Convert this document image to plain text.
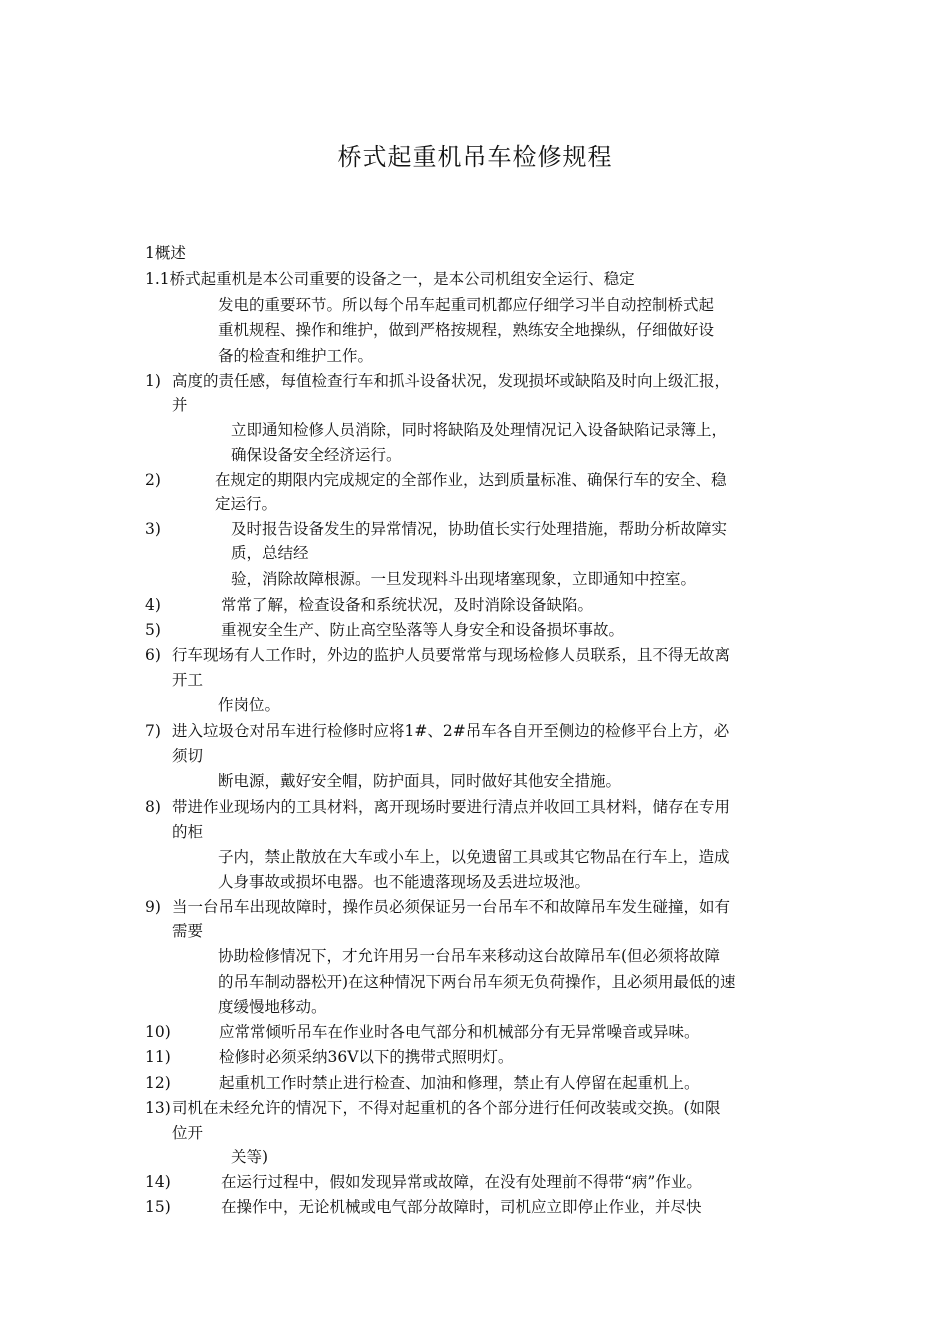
桥式起重机吊车检修规程
1概述
1.1桥式起重机是本公司重要的设备之一，是本公司机组安全运行、稳定
发电的重要环节。所以每个吊车起重司机都应仔细学习半自动控制桥式起
重机规程、操作和维护，做到严格按规程，熟练安全地操纵，仔细做好设
备的检查和维护工作。
1) 高度的责任感，每值检查行车和抓斗设备状况，发现损坏或缺陷及时向上级汇报，
并
立即通知检修人员消除，同时将缺陷及处理情况记入设备缺陷记录簿上，
确保设备安全经济运行。
2)	在规定的期限内完成规定的全部作业，达到质量标准、确保行车的安全、稳
定运行。
3)	及时报告设备发生的异常情况，协助值长实行处理措施，帮助分析故障实
质，总结经
验，消除故障根源。一旦发现料斗出现堵塞现象，立即通知中控室。
4)	常常了解，检查设备和系统状况，及时消除设备缺陷。
5)	重视安全生产、防止高空坠落等人身安全和设备损坏事故。
6) 行车现场有人工作时，外边的监护人员要常常与现场检修人员联系，且不得无故离
开工
作岗位。
7) 进入垃圾仓对吊车进行检修时应将1#、2#吊车各自开至侧边的检修平台上方，必
须切
断电源，戴好安全帽，防护面具，同时做好其他安全措施。
8) 带进作业现场内的工具材料，离开现场时要进行清点并收回工具材料，储存在专用
的柜
子内，禁止散放在大车或小车上，以免遗留工具或其它物品在行车上，造成
人身事故或损坏电器。也不能遗落现场及丢进垃圾池。
9) 当一台吊车出现故障时，操作员必须保证另一台吊车不和故障吊车发生碰撞，如有
需要
协助检修情况下，才允许用另一台吊车来移动这台故障吊车(但必须将故障
的吊车制动器松开)在这种情况下两台吊车须无负荷操作，且必须用最低的速
度缓慢地移动。
10)	应常常倾听吊车在作业时各电气部分和机械部分有无异常噪音或异味。
11)	检修时必须采纳36V以下的携带式照明灯。
12)	起重机工作时禁止进行检查、加油和修理，禁止有人停留在起重机上。
13) 司机在未经允许的情况下，不得对起重机的各个部分进行任何改装或交换。(如限
位开
关等)
14)	在运行过程中，假如发现异常或故障，在没有处理前不得带“病”作业。
15)	在操作中，无论机械或电气部分故障时，司机应立即停止作业，并尽快
